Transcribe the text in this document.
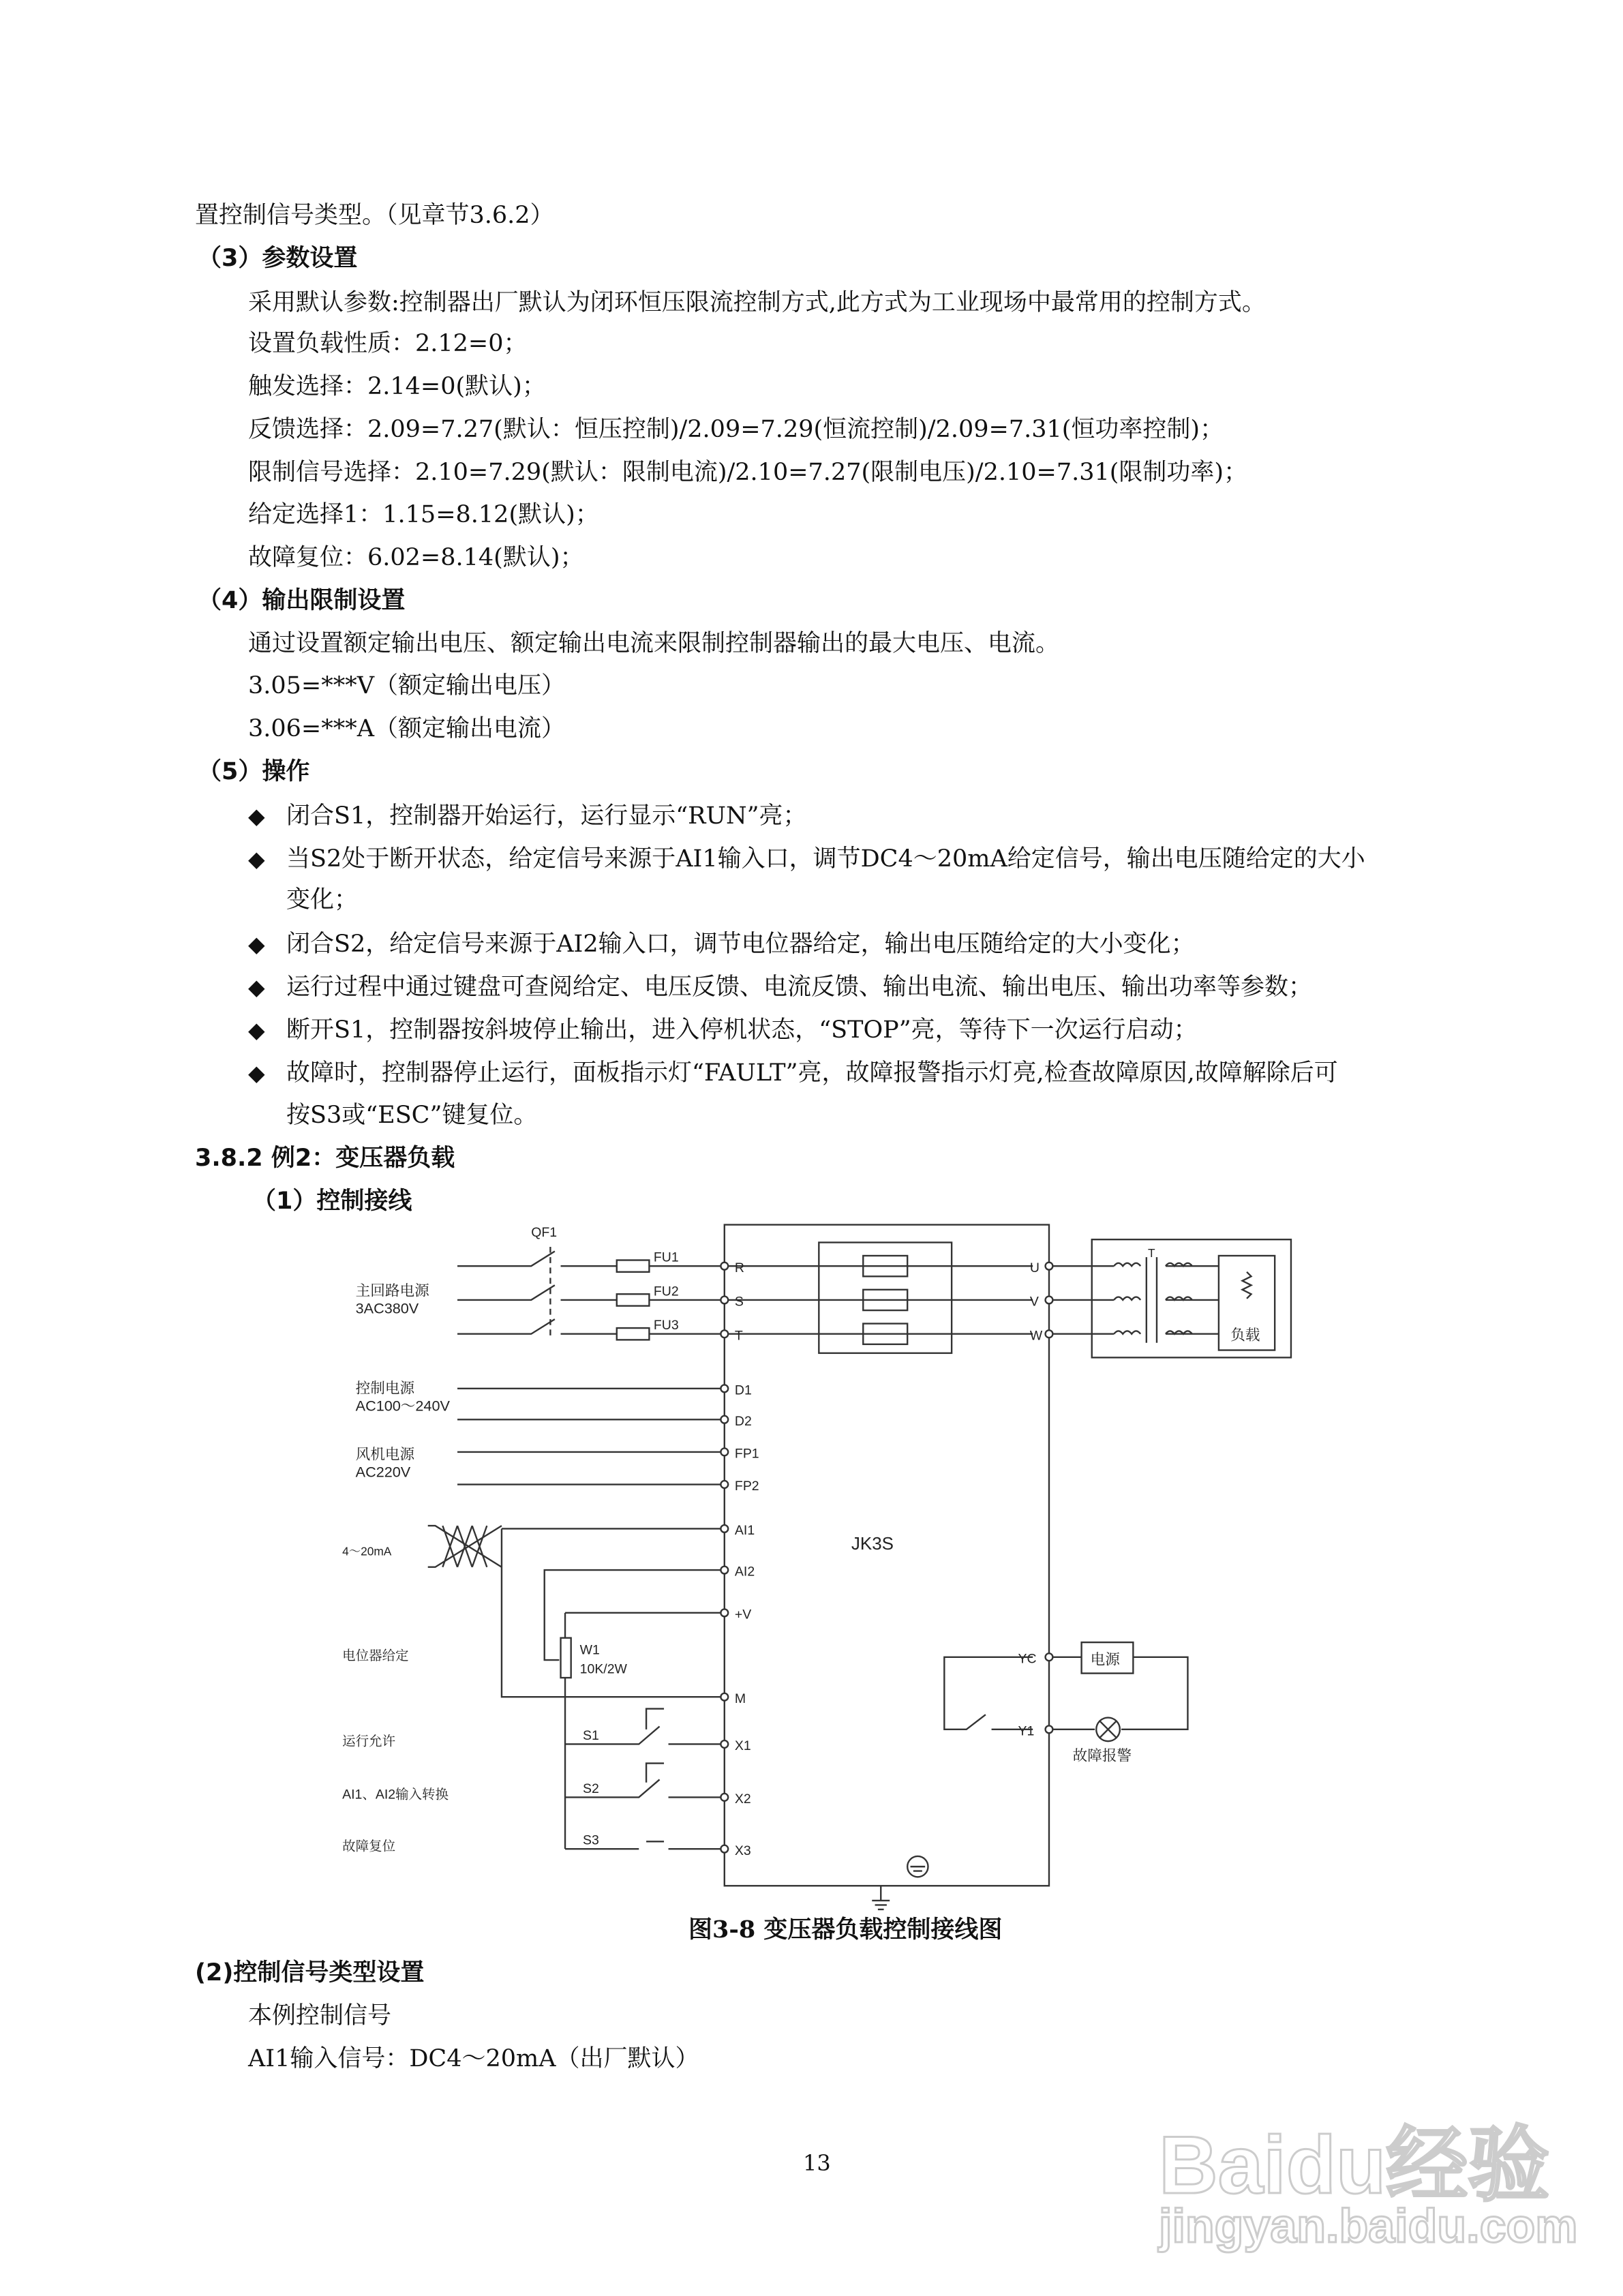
置控制信号类型。（见章节3.6.2）
（3）参数设置
采用默认参数:控制器出厂默认为闭环恒压限流控制方式,此方式为工业现场中最常用的控制方式。
设置负载性质：2.12=0；
触发选择：2.14=0(默认)；
反馈选择：2.09=7.27(默认：恒压控制)/2.09=7.29(恒流控制)/2.09=7.31(恒功率控制)；
限制信号选择：2.10=7.29(默认：限制电流)/2.10=7.27(限制电压)/2.10=7.31(限制功率)；
给定选择1：1.15=8.12(默认)；
故障复位：6.02=8.14(默认)；
（4）输出限制设置
通过设置额定输出电压、额定输出电流来限制控制器输出的最大电压、电流。
3.05=***V（额定输出电压）
3.06=***A（额定输出电流）
（5）操作
◆ 闭合S1，控制器开始运行，运行显示“RUN”亮；
◆ 当S2处于断开状态，给定信号来源于AI1输入口，调节DC4～20mA给定信号，输出电压随给定的大小
变化；
◆ 闭合S2，给定信号来源于AI2输入口，调节电位器给定，输出电压随给定的大小变化；
◆ 运行过程中通过键盘可查阅给定、电压反馈、电流反馈、输出电流、输出电压、输出功率等参数；
◆ 断开S1，控制器按斜坡停止输出，进入停机状态，“STOP”亮，等待下一次运行启动；
◆ 故障时，控制器停止运行，面板指示灯“FAULT”亮，故障报警指示灯亮,检查故障原因,故障解除后可
按S3或“ESC”键复位。
3.8.2 例2：变压器负载
（1）控制接线
QF1
FU1
FU2
FU3
主回路电源
3AC380V
R
S
T
U
V
W
T
负载
D1
D2
FP1
FP2
AI1
AI2
+V
M
X1
X2
X3
YC
Y1
控制电源
AC100～240V
风机电源
AC220V
4～20mA
电位器给定
运行允许
AI1、AI2输入转换
故障复位
JK3S
W1
10K/2W
S1
S2
S3
电源
故障报警
图3-8 变压器负载控制接线图
(2)控制信号类型设置
本例控制信号
AI1输入信号：DC4～20mA（出厂默认）
13	Baidu经验
jingyan.baidu.com
